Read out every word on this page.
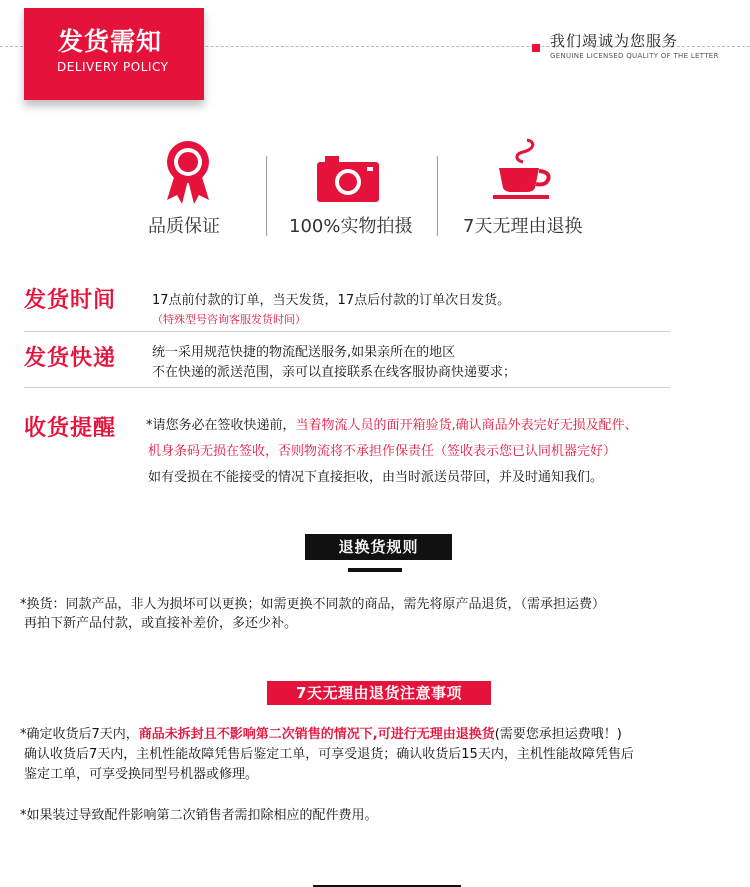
发货需知
DELIVERY POLICY
我们竭诚为您服务
GENUINE LICENSED QUALITY OF THE LETTER
品质保证	100%实物拍摄	7天无理由退换
发货时间	17点前付款的订单，当天发货，17点后付款的订单次日发货。
（特殊型号咨询客服发货时间）
发货快递	统一采用规范快捷的物流配送服务,如果亲所在的地区
不在快递的派送范围，亲可以直接联系在线客服协商快递要求；
收货提醒 *请您务必在签收快递前，当着物流人员的面开箱验货,确认商品外表完好无损及配件、
机身条码无损在签收，否则物流将不承担作保责任（签收表示您已认同机器完好）
如有受损在不能接受的情况下直接拒收，由当时派送员带回，并及时通知我们。
退换货规则
*换货：同款产品，非人为损坏可以更换；如需更换不同款的商品，需先将原产品退货，（需承担运费）
再拍下新产品付款，或直接补差价，多还少补。
7天无理由退货注意事项
*确定收货后7天内，商品未拆封且不影响第二次销售的情况下,可进行无理由退换货(需要您承担运费哦！)
确认收货后7天内，主机性能故障凭售后鉴定工单，可享受退货；确认收货后15天内，主机性能故障凭售后
鉴定工单，可享受换同型号机器或修理。
*如果装过导致配件影响第二次销售者需扣除相应的配件费用。
